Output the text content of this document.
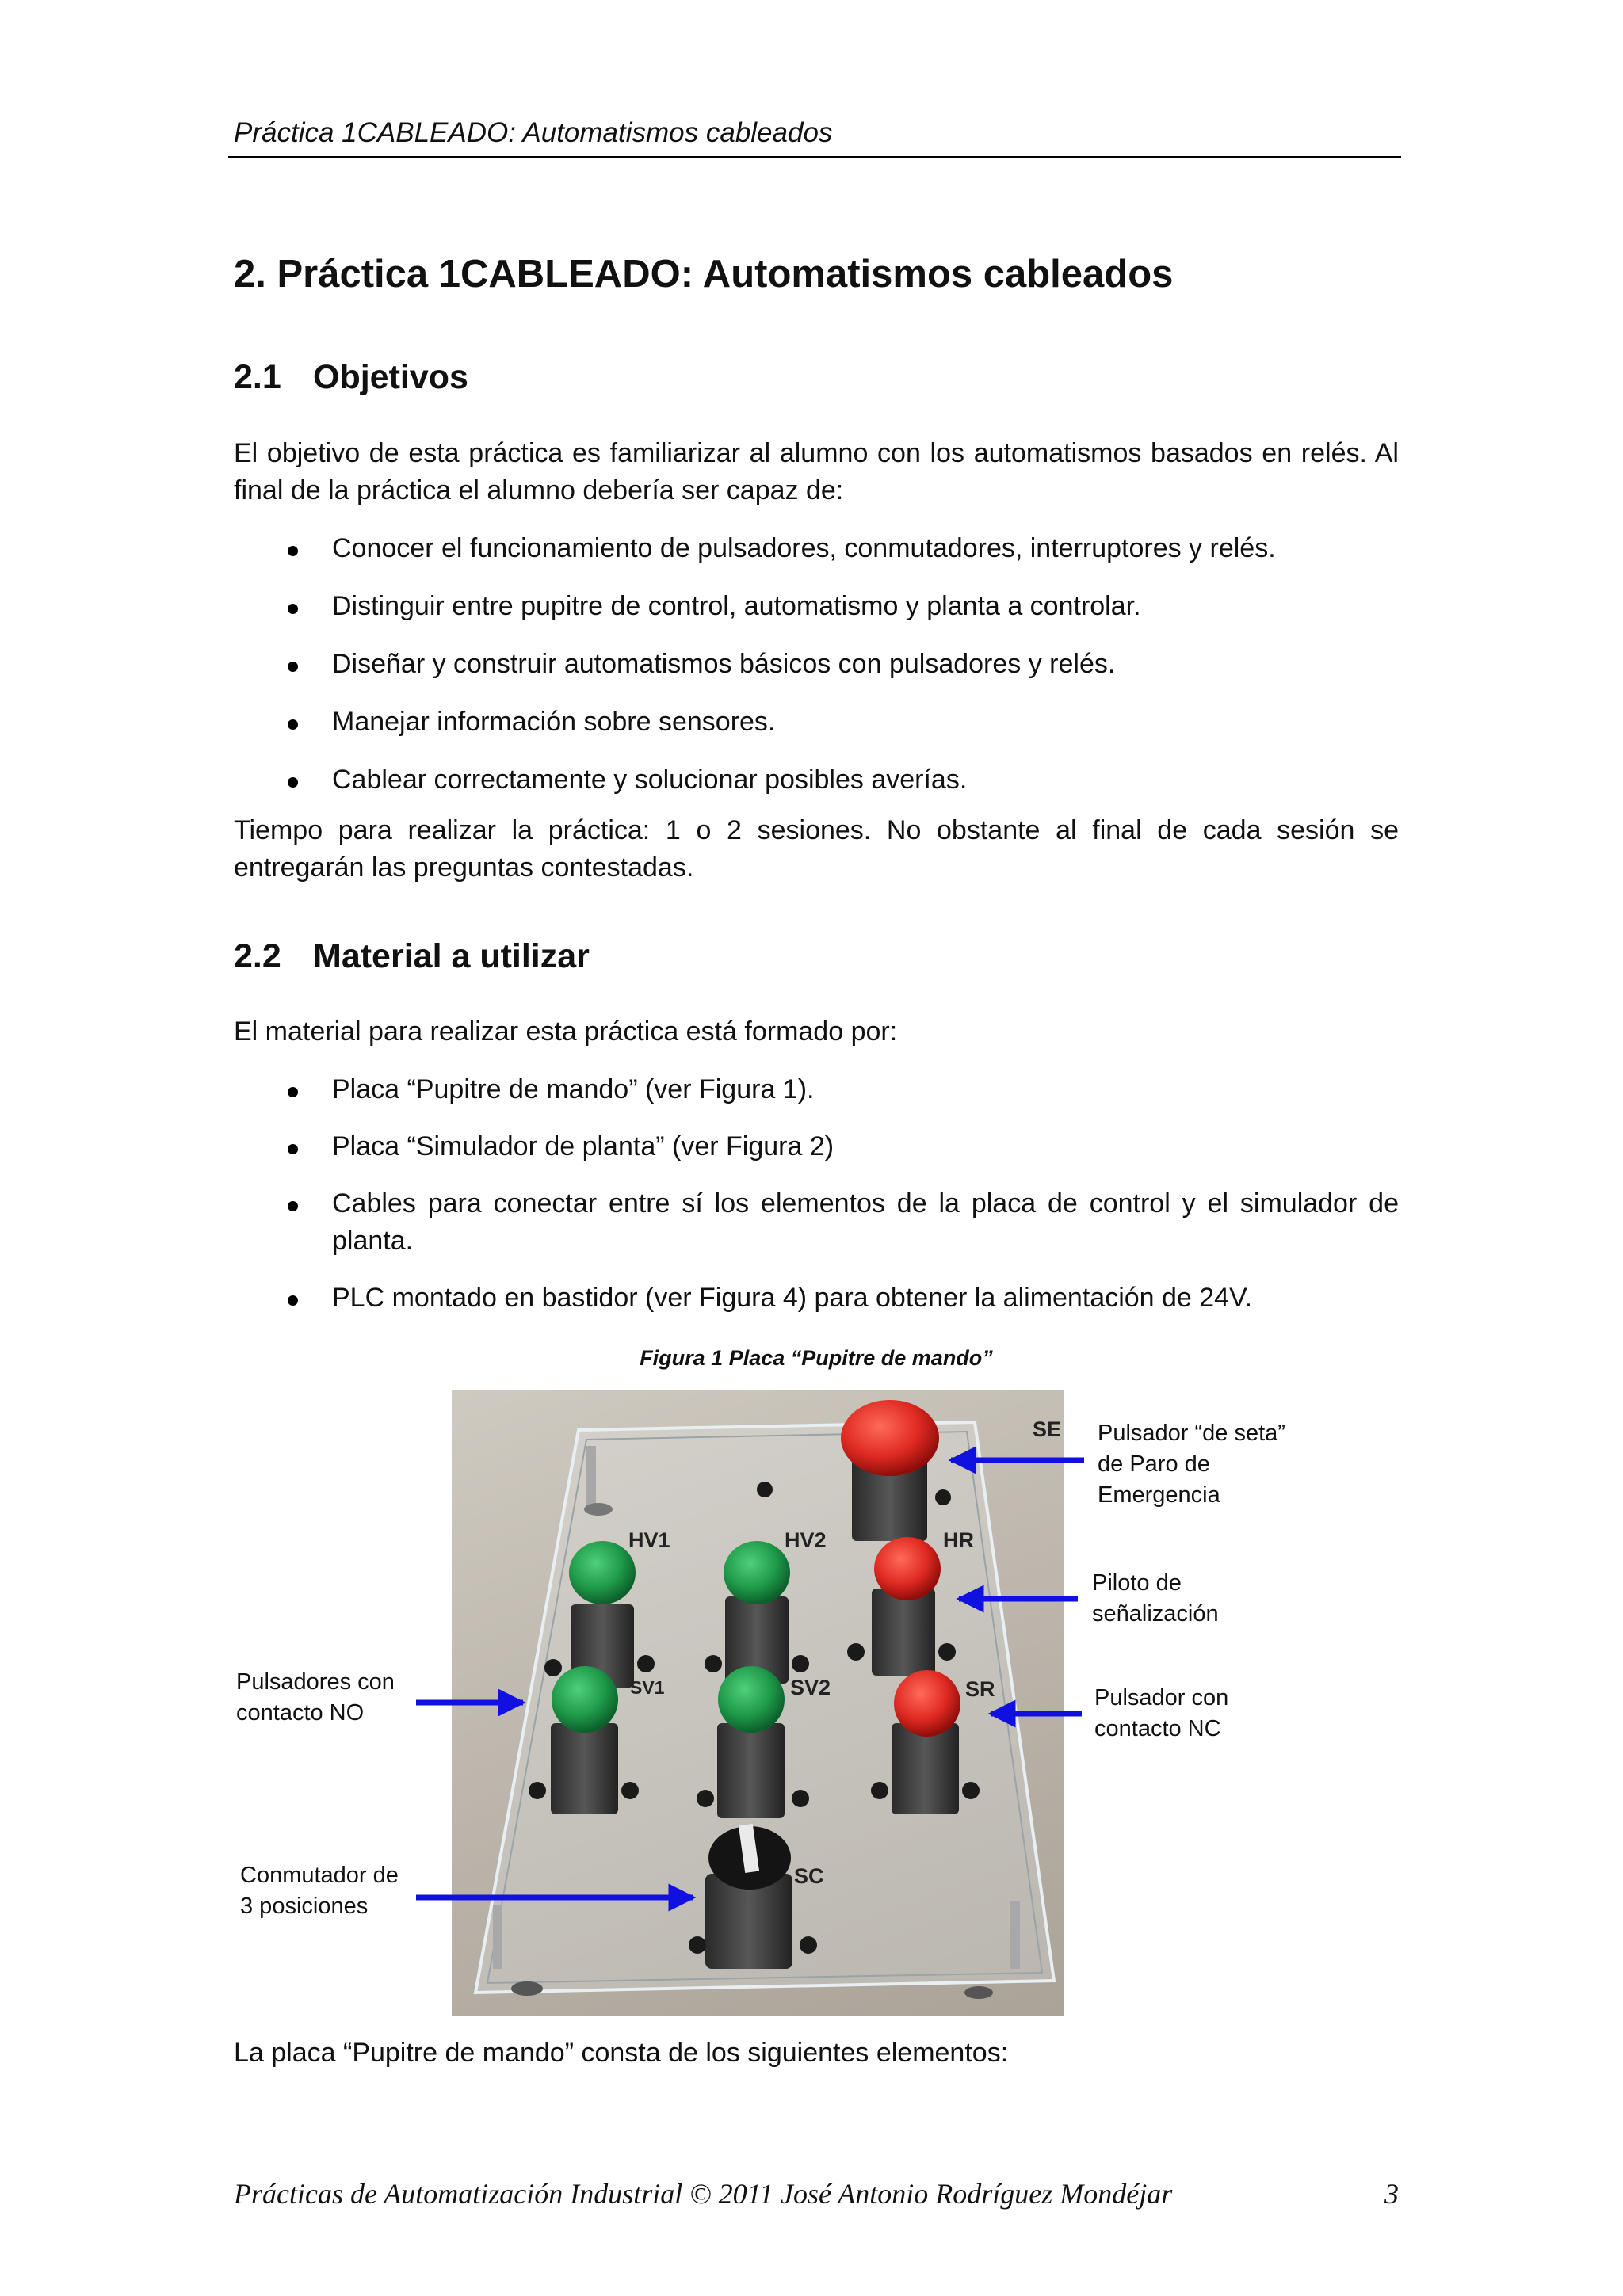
Práctica 1CABLEADO: Automatismos cableados
2. Práctica 1CABLEADO: Automatismos cableados
2.1 Objetivos

El objetivo de esta práctica es familiarizar al alumno con los automatismos basados en relés. Al final de la práctica el alumno debería ser capaz de:

Conocer el funcionamiento de pulsadores, conmutadores, interruptores y relés.
Distinguir entre pupitre de control, automatismo y planta a controlar.
Diseñar y construir automatismos básicos con pulsadores y relés.
Manejar información sobre sensores.
Cablear correctamente y solucionar posibles averías.

Tiempo para realizar la práctica: 1 o 2 sesiones. No obstante al final de cada sesión se entregarán las preguntas contestadas.

2.2 Material a utilizar

El material para realizar esta práctica está formado por:

Placa “Pupitre de mando” (ver Figura 1).
Placa “Simulador de planta” (ver Figura 2)
Cables para conectar entre sí los elementos de la placa de control y el simulador de planta.
PLC montado en bastidor (ver Figura 4) para obtener la alimentación de 24V.
Figura 1 Placa “Pupitre de mando”
SE
HV1	HV2	HR
SV1	SV2	SR
SC
Pulsador “de seta”
de Paro de
Emergencia
Piloto de
señalización
Pulsadores con
contacto NO
Pulsador con
contacto NC
Conmutador de
3 posiciones

La placa “Pupitre de mando” consta de los siguientes elementos:

Prácticas de Automatización Industrial © 2011 José Antonio Rodríguez Mondéjar	3
